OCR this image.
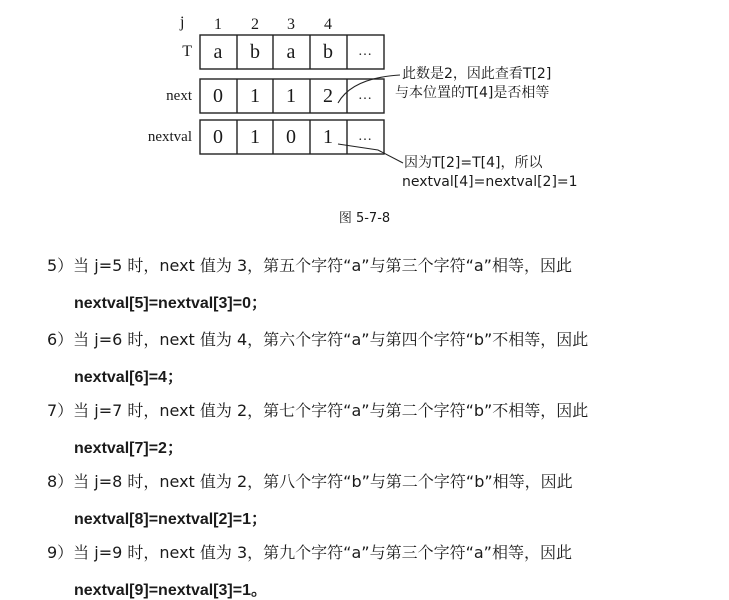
j	1	2	3	4
T	a	b	a	b	…
next	0	1	1	2	…
nextval	0	1	0	1	…
此数是2，因此查看T[2]
与本位置的T[4]是否相等
因为T[2]=T[4]，所以
nextval[4]=nextval[2]=1
图 5-7-8
5）当 j=5 时，next 值为 3，第五个字符“a”与第三个字符“a”相等，因此
nextval[5]=nextval[3]=0；
6）当 j=6 时，next 值为 4，第六个字符“a”与第四个字符“b”不相等，因此
nextval[6]=4；
7）当 j=7 时，next 值为 2，第七个字符“a”与第二个字符“b”不相等，因此
nextval[7]=2；
8）当 j=8 时，next 值为 2，第八个字符“b”与第二个字符“b”相等，因此
nextval[8]=nextval[2]=1；
9）当 j=9 时，next 值为 3，第九个字符“a”与第三个字符“a”相等，因此
nextval[9]=nextval[3]=1。
